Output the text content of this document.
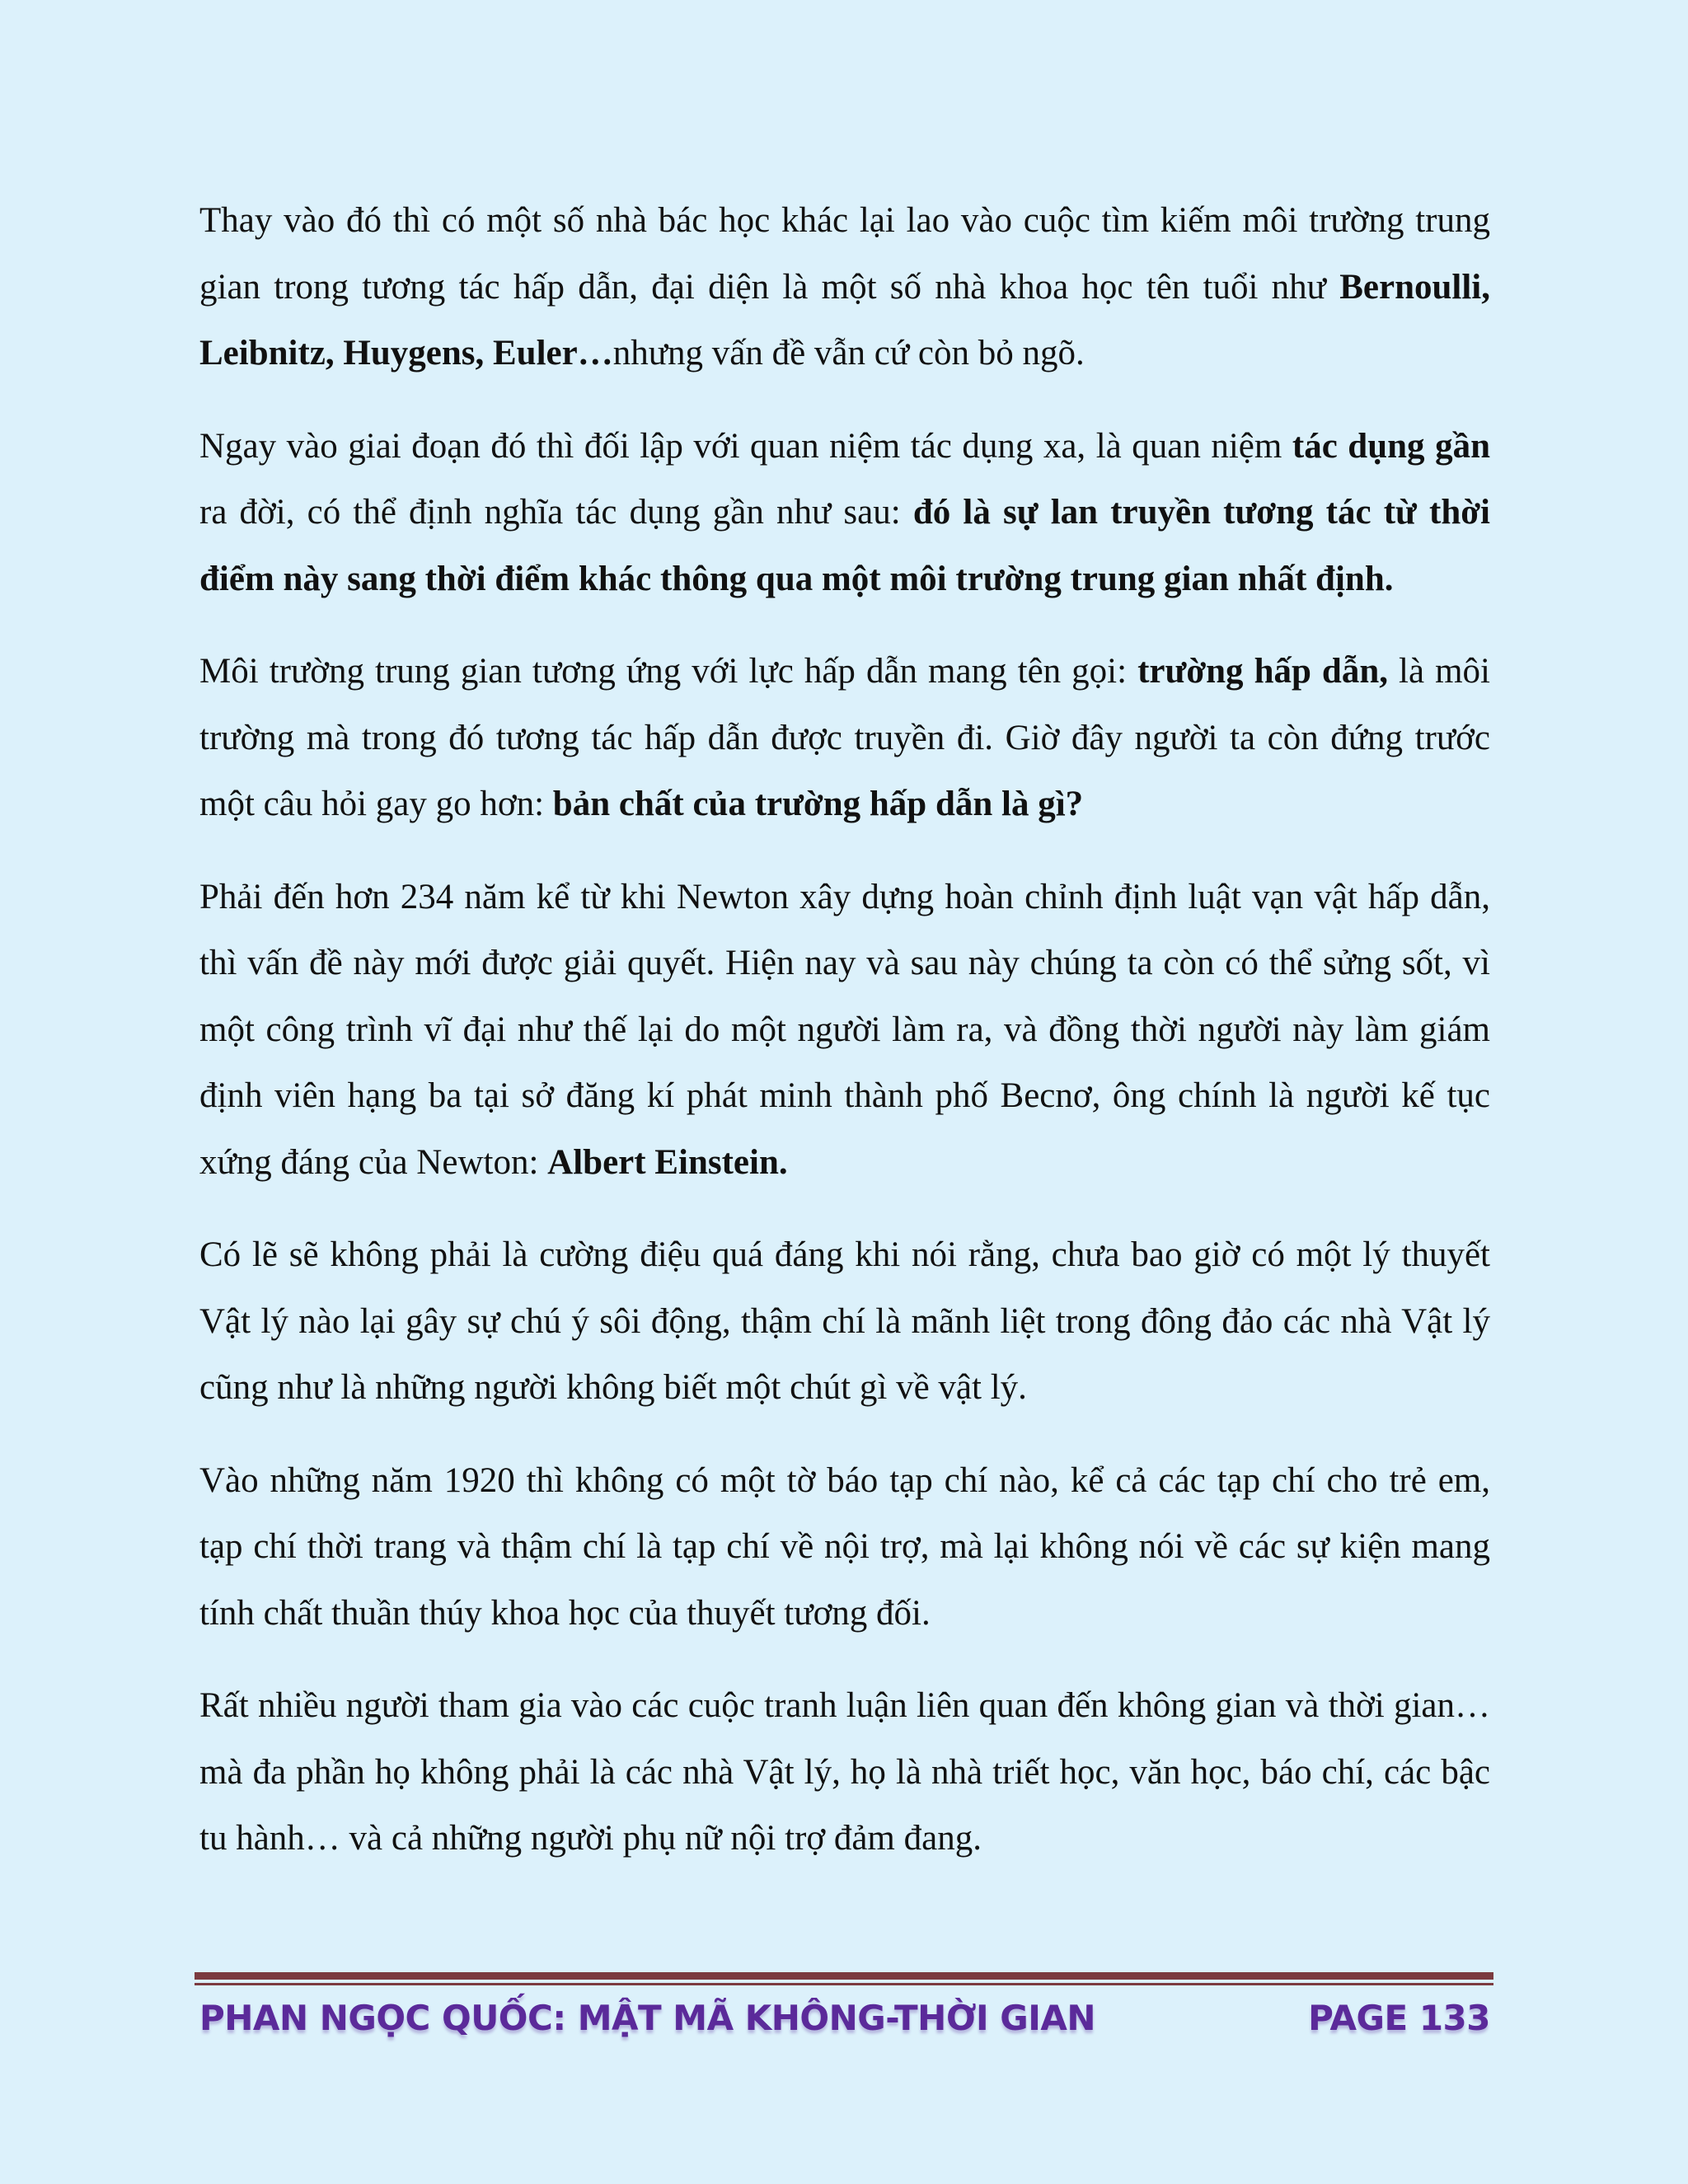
Thay vào đó thì có một số nhà bác học khác lại lao vào cuộc tìm kiếm môi trường trung gian trong tương tác hấp dẫn, đại diện là một số nhà khoa học tên tuổi như Bernoulli, Leibnitz, Huygens, Euler…nhưng vấn đề vẫn cứ còn bỏ ngõ.

Ngay vào giai đoạn đó thì đối lập với quan niệm tác dụng xa, là quan niệm tác dụng gần ra đời, có thể định nghĩa tác dụng gần như sau: đó là sự lan truyền tương tác từ thời điểm này sang thời điểm khác thông qua một môi trường trung gian nhất định.

Môi trường trung gian tương ứng với lực hấp dẫn mang tên gọi: trường hấp dẫn, là môi trường mà trong đó tương tác hấp dẫn được truyền đi. Giờ đây người ta còn đứng trước một câu hỏi gay go hơn: bản chất của trường hấp dẫn là gì?

Phải đến hơn 234 năm kể từ khi Newton xây dựng hoàn chỉnh định luật vạn vật hấp dẫn, thì vấn đề này mới được giải quyết. Hiện nay và sau này chúng ta còn có thể sửng sốt, vì một công trình vĩ đại như thế lại do một người làm ra, và đồng thời người này làm giám định viên hạng ba tại sở đăng kí phát minh thành phố Becnơ, ông chính là người kế tục xứng đáng của Newton: Albert Einstein.

Có lẽ sẽ không phải là cường điệu quá đáng khi nói rằng, chưa bao giờ có một lý thuyết Vật lý nào lại gây sự chú ý sôi động, thậm chí là mãnh liệt trong đông đảo các nhà Vật lý cũng như là những người không biết một chút gì về vật lý.

Vào những năm 1920 thì không có một tờ báo tạp chí nào, kể cả các tạp chí cho trẻ em, tạp chí thời trang và thậm chí là tạp chí về nội trợ, mà lại không nói về các sự kiện mang tính chất thuần thúy khoa học của thuyết tương đối.

Rất nhiều người tham gia vào các cuộc tranh luận liên quan đến không gian và thời gian… mà đa phần họ không phải là các nhà Vật lý, họ là nhà triết học, văn học, báo chí, các bậc tu hành… và cả những người phụ nữ nội trợ đảm đang.

PHAN NGỌC QUỐC: MẬT MÃ KHÔNG-THỜI GIAN	PAGE 133
